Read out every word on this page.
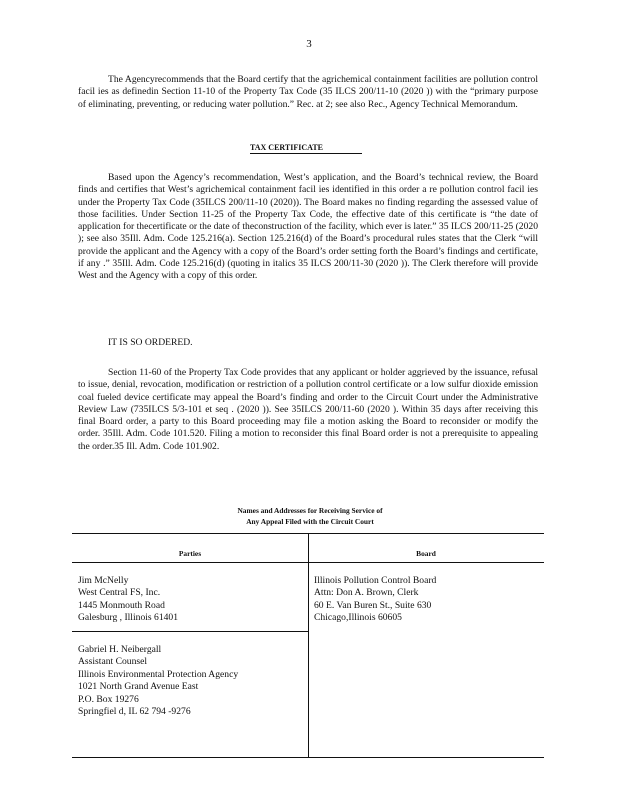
3

The Agencyrecommends that the Board certify that the agrichemical containment facilities are pollution control facil ies as definedin Section 11-10 of the Property Tax Code (35 ILCS 200/11-10 (2020 )) with the “primary purpose of eliminating, preventing, or reducing water pollution.” Rec. at 2; see also Rec., Agency Technical Memorandum.

TAX CERTIFICATE

Based upon the Agency’s recommendation, West’s application, and the Board’s technical review, the Board finds and certifies that West’s agrichemical containment facil ies identified in this order a re pollution control facil ies under the Property Tax Code (35ILCS 200/11-10 (2020)). The Board makes no finding regarding the assessed value of those facilities. Under Section 11-25 of the Property Tax Code, the effective date of this certificate is “the date of application for thecertificate or the date of theconstruction of the facility, which ever is later.” 35 ILCS 200/11-25 (2020 ); see also 35Ill. Adm. Code 125.216(a). Section 125.216(d) of the Board’s procedural rules states that the Clerk “will provide the applicant and the Agency with a copy of the Board’s order setting forth the Board’s findings and certificate, if any .” 35Ill. Adm. Code 125.216(d) (quoting in italics 35 ILCS 200/11-30 (2020 )). The Clerk therefore will provide West and the Agency with a copy of this order.

IT IS SO ORDERED.

Section 11-60 of the Property Tax Code provides that any applicant or holder aggrieved by the issuance, refusal to issue, denial, revocation, modification or restriction of a pollution control certificate or a low sulfur dioxide emission coal fueled device certificate may appeal the Board’s finding and order to the Circuit Court under the Administrative Review Law (735ILCS 5/3-101 et seq . (2020 )). See 35ILCS 200/11-60 (2020 ). Within 35 days after receiving this final Board order, a party to this Board proceeding may file a motion asking the Board to reconsider or modify the order. 35Ill. Adm. Code 101.520. Filing a motion to reconsider this final Board order is not a prerequisite to appealing the order.35 Ill. Adm. Code 101.902.

Names and Addresses for Receiving Service of
Any Appeal Filed with the Circuit Court
Parties	Board
Jim McNelly
West Central FS, Inc.
1445 Monmouth Road
Galesburg , Illinois 61401
Gabriel H. Neibergall
Assistant Counsel
Illinois Environmental Protection Agency
1021 North Grand Avenue East
P.O. Box 19276
Springfiel d, IL 62 794 -9276
Illinois Pollution Control Board
Attn: Don A. Brown, Clerk
60 E. Van Buren St., Suite 630
Chicago,Illinois 60605
